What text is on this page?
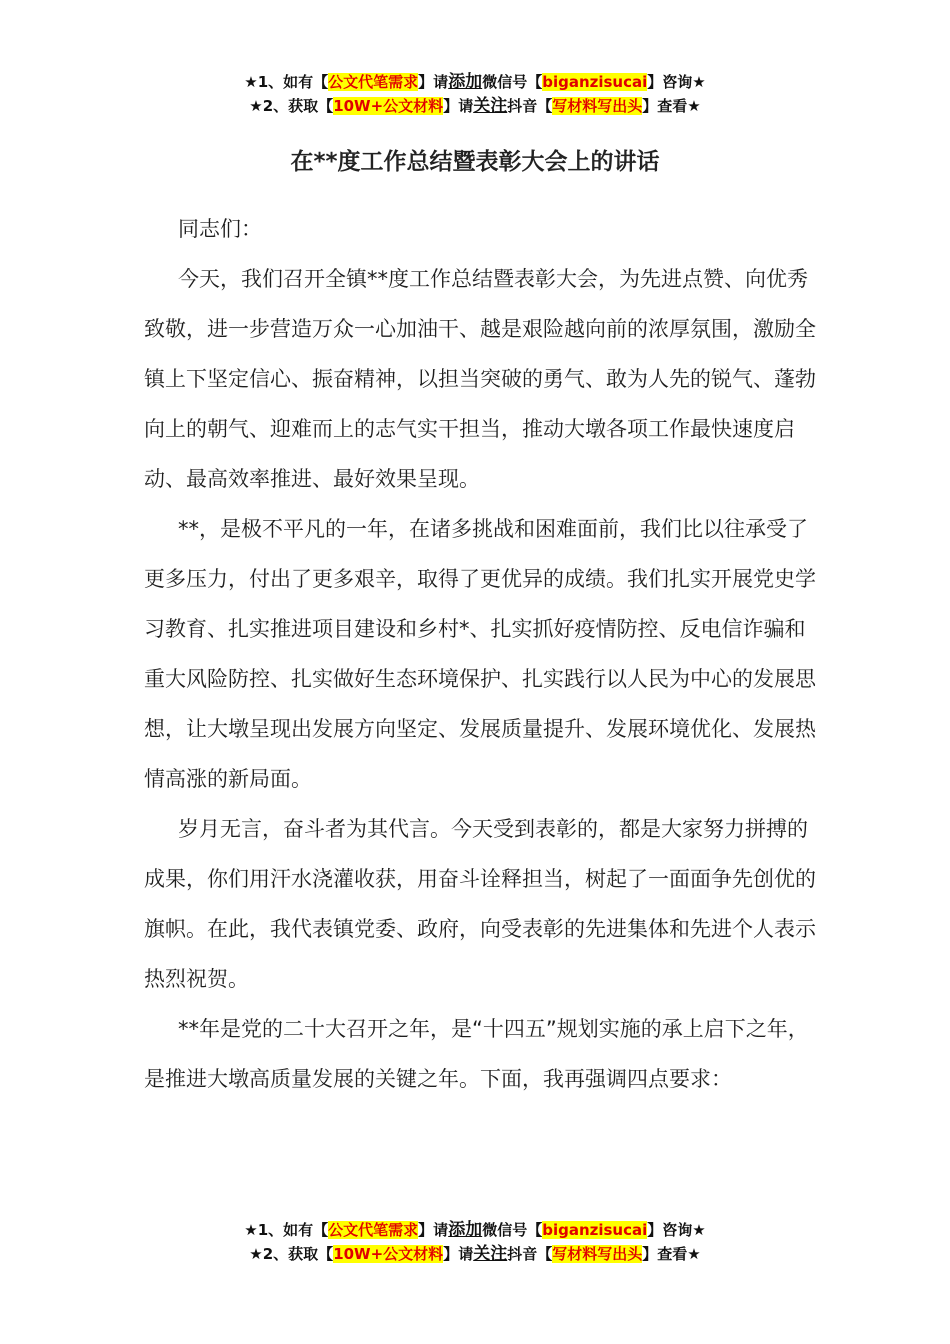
★1、如有【公文代笔需求】请添加微信号【biganzisucai】咨询★
★2、获取【10W+公文材料】请关注抖音【写材料写出头】查看★
在**度工作总结暨表彰大会上的讲话

同志们：

今天，我们召开全镇**度工作总结暨表彰大会，为先进点赞、向优秀致敬，进一步营造万众一心加油干、越是艰险越向前的浓厚氛围，激励全镇上下坚定信心、振奋精神，以担当突破的勇气、敢为人先的锐气、蓬勃向上的朝气、迎难而上的志气实干担当，推动大墩各项工作最快速度启动、最高效率推进、最好效果呈现。

**，是极不平凡的一年，在诸多挑战和困难面前，我们比以往承受了更多压力，付出了更多艰辛，取得了更优异的成绩。我们扎实开展党史学习教育、扎实推进项目建设和乡村*、扎实抓好疫情防控、反电信诈骗和重大风险防控、扎实做好生态环境保护、扎实践行以人民为中心的发展思想，让大墩呈现出发展方向坚定、发展质量提升、发展环境优化、发展热情高涨的新局面。

岁月无言，奋斗者为其代言。今天受到表彰的，都是大家努力拼搏的成果，你们用汗水浇灌收获，用奋斗诠释担当，树起了一面面争先创优的旗帜。在此，我代表镇党委、政府，向受表彰的先进集体和先进个人表示热烈祝贺。

**年是党的二十大召开之年，是“十四五”规划实施的承上启下之年，是推进大墩高质量发展的关键之年。下面，我再强调四点要求：

★1、如有【公文代笔需求】请添加微信号【biganzisucai】咨询★
★2、获取【10W+公文材料】请关注抖音【写材料写出头】查看★
